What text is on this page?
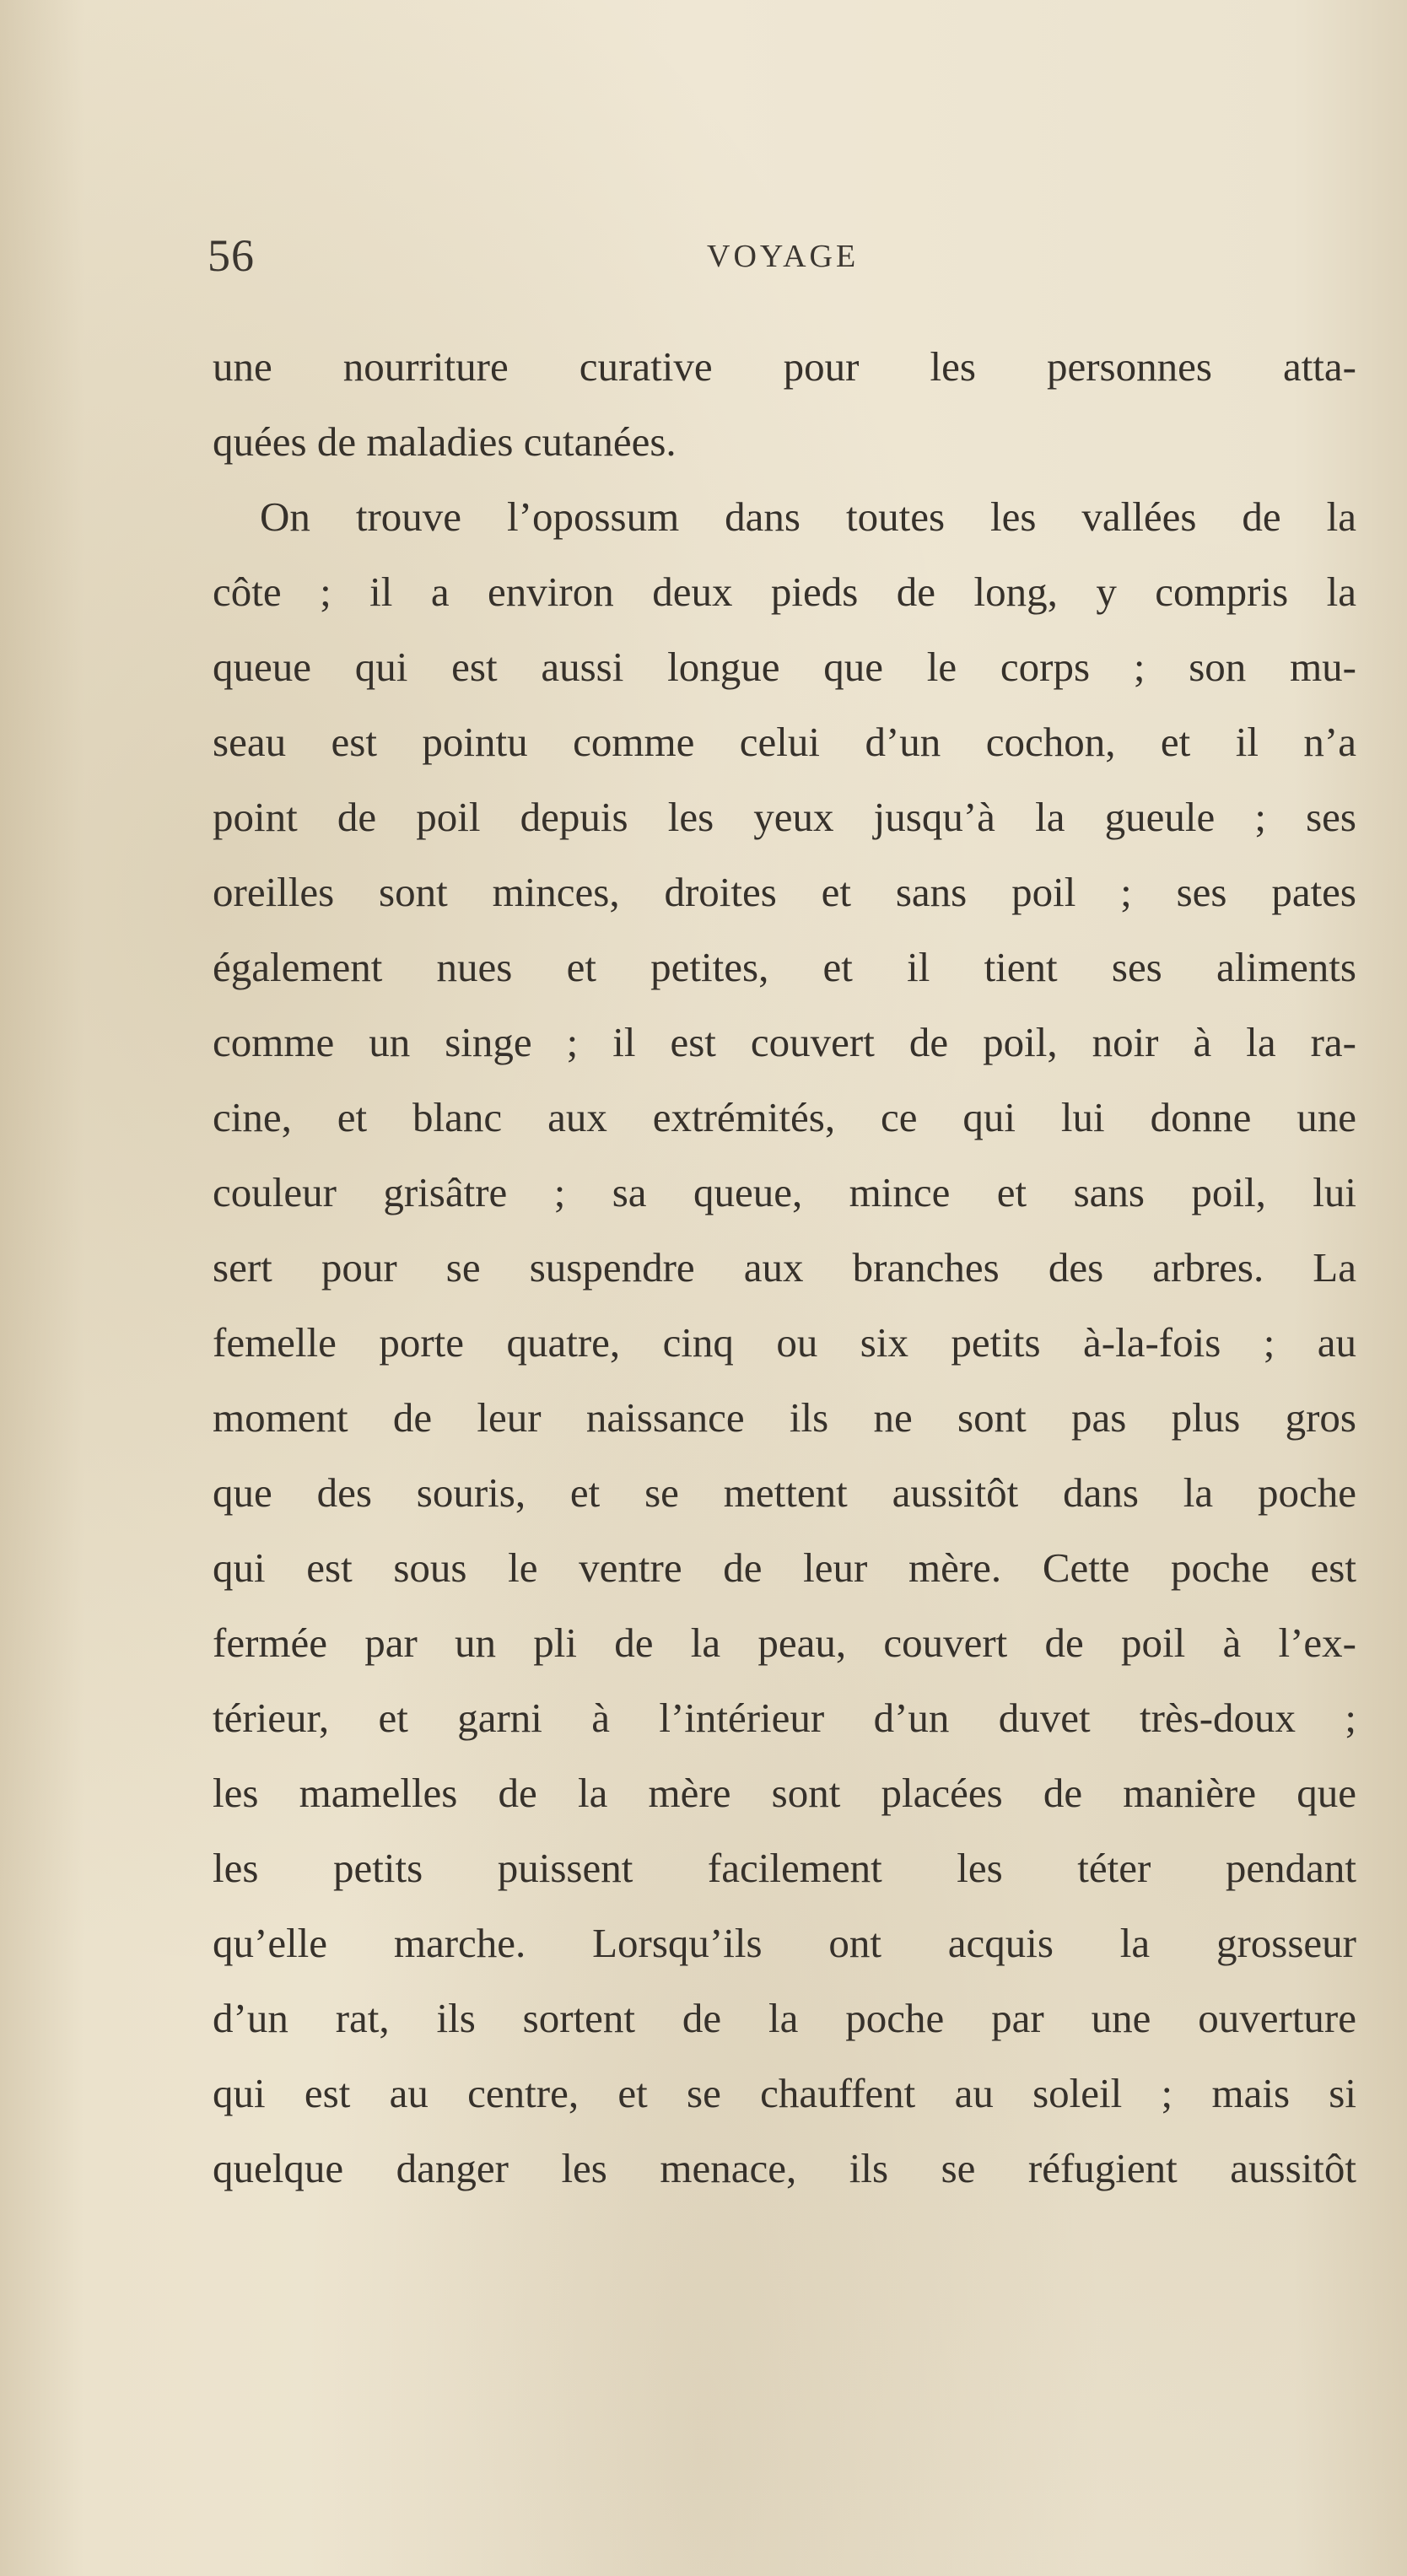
56	VOYAGE
une nourriture curative pour les personnes atta-
quées de maladies cutanées.
On trouve l’opossum dans toutes les vallées de la
côte ; il a environ deux pieds de long, y compris la
queue qui est aussi longue que le corps ; son mu-
seau est pointu comme celui d’un cochon, et il n’a
point de poil depuis les yeux jusqu’à la gueule ; ses
oreilles sont minces, droites et sans poil ; ses pates
également nues et petites, et il tient ses aliments
comme un singe ; il est couvert de poil, noir à la ra-
cine, et blanc aux extrémités, ce qui lui donne une
couleur grisâtre ; sa queue, mince et sans poil, lui
sert pour se suspendre aux branches des arbres. La
femelle porte quatre, cinq ou six petits à-la-fois ; au
moment de leur naissance ils ne sont pas plus gros
que des souris, et se mettent aussitôt dans la poche
qui est sous le ventre de leur mère. Cette poche est
fermée par un pli de la peau, couvert de poil à l’ex-
térieur, et garni à l’intérieur d’un duvet très-doux ;
les mamelles de la mère sont placées de manière que
les petits puissent facilement les téter pendant
qu’elle marche. Lorsqu’ils ont acquis la grosseur
d’un rat, ils sortent de la poche par une ouverture
qui est au centre, et se chauffent au soleil ; mais si
quelque danger les menace, ils se réfugient aussitôt
